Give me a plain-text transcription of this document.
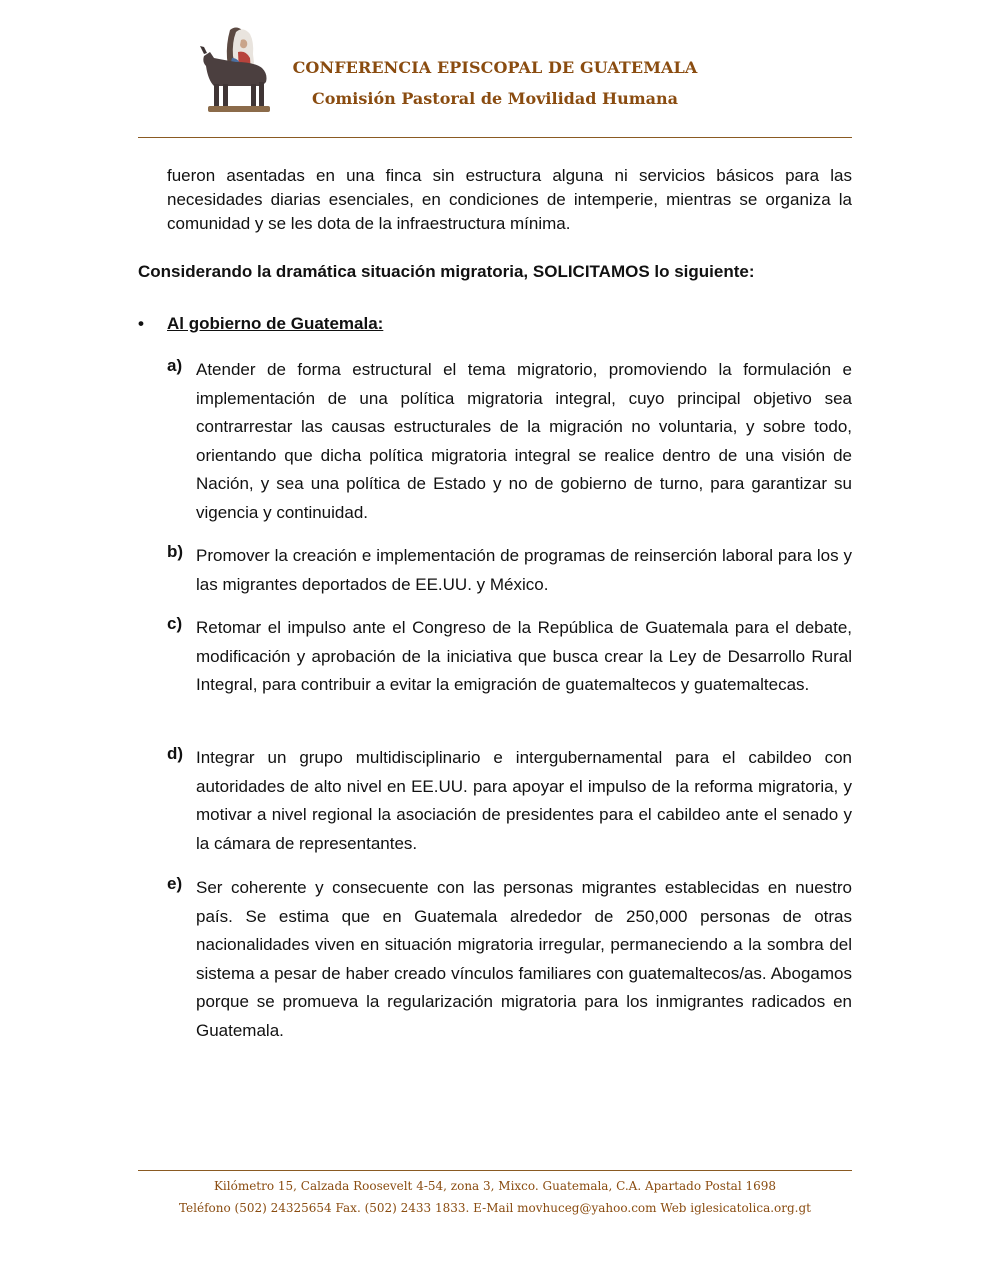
CONFERENCIA EPISCOPAL DE GUATEMALA
Comisión Pastoral de Movilidad Humana

fueron asentadas en una finca sin estructura alguna ni servicios básicos para las necesidades diarias esenciales, en condiciones de intemperie, mientras se organiza la comunidad y se les dota de la infraestructura mínima.

Considerando la dramática situación migratoria, SOLICITAMOS lo siguiente:

• Al gobierno de Guatemala:
a) Atender de forma estructural el tema migratorio, promoviendo la formulación e implementación de una política migratoria integral, cuyo principal objetivo sea contrarrestar las causas estructurales de la migración no voluntaria, y sobre todo, orientando que dicha política migratoria integral se realice dentro de una visión de Nación, y sea una política de Estado y no de gobierno de turno, para garantizar su vigencia y continuidad.

b) Promover la creación e implementación de programas de reinserción laboral para los y las migrantes deportados de EE.UU. y México.

c) Retomar el impulso ante el Congreso de la República de Guatemala para el debate, modificación y aprobación de la iniciativa que busca crear la Ley de Desarrollo Rural Integral, para contribuir a evitar la emigración de guatemaltecos y guatemaltecas.

d) Integrar un grupo multidisciplinario e intergubernamental para el cabildeo con autoridades de alto nivel en EE.UU. para apoyar el impulso de la reforma migratoria, y motivar a nivel regional la asociación de presidentes para el cabildeo ante el senado y la cámara de representantes.

e) Ser coherente y consecuente con las personas migrantes establecidas en nuestro país. Se estima que en Guatemala alrededor de 250,000 personas de otras nacionalidades viven en situación migratoria irregular, permaneciendo a la sombra del sistema a pesar de haber creado vínculos familiares con guatemaltecos/as. Abogamos porque se promueva la regularización migratoria para los inmigrantes radicados en Guatemala.

Kilómetro 15, Calzada Roosevelt 4-54, zona 3, Mixco. Guatemala, C.A. Apartado Postal 1698
Teléfono (502) 24325654 Fax. (502) 2433 1833. E-Mail movhuceg@yahoo.com Web iglesicatolica.org.gt
